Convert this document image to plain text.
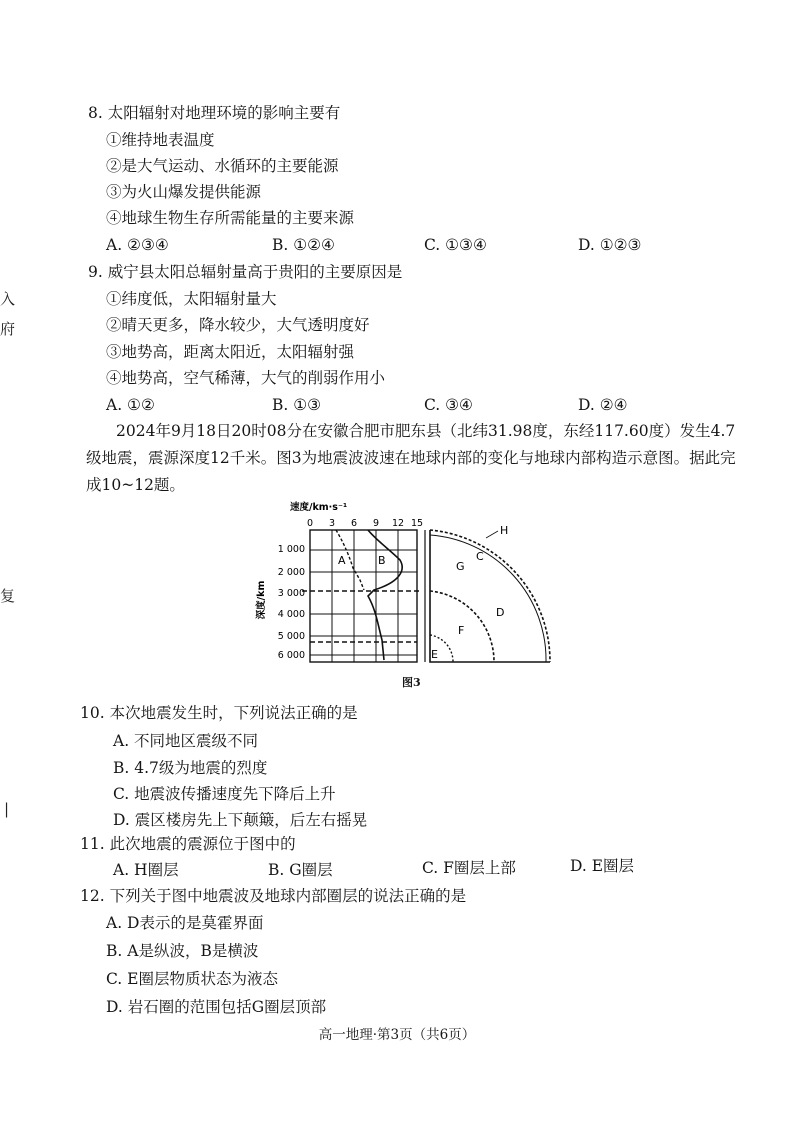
入
府
复
|
8. 太阳辐射对地理环境的影响主要有
①维持地表温度
②是大气运动、水循环的主要能源
③为火山爆发提供能源
④地球生物生存所需能量的主要来源
A. ②③④	B. ①②④	C. ①③④	D. ①②③
9. 威宁县太阳总辐射量高于贵阳的主要原因是
①纬度低，太阳辐射量大
②晴天更多，降水较少，大气透明度好
③地势高，距离太阳近，太阳辐射强
④地势高，空气稀薄，大气的削弱作用小
A. ①②	B. ①③	C. ③④	D. ②④
2024年9月18日20时08分在安徽合肥市肥东县（北纬31.98度，东经117.60度）发生4.7级地震，震源深度12千米。图3为地震波波速在地球内部的变化与地球内部构造示意图。据此完成10~12题。
速度/km·s⁻¹
0 3 6 9 12 15
1 000
2 000
3 000
4 000
5 000
6 000
深度/km
A	B
H
C
G
D
F
E
图3
10. 本次地震发生时，下列说法正确的是
A. 不同地区震级不同
B. 4.7级为地震的烈度
C. 地震波传播速度先下降后上升
D. 震区楼房先上下颠簸，后左右摇晃
11. 此次地震的震源位于图中的
A. H圈层	B. G圈层	C. F圈层上部	D. E圈层
12. 下列关于图中地震波及地球内部圈层的说法正确的是
A. D表示的是莫霍界面
B. A是纵波，B是横波
C. E圈层物质状态为液态
D. 岩石圈的范围包括G圈层顶部
高一地理·第3页（共6页）
